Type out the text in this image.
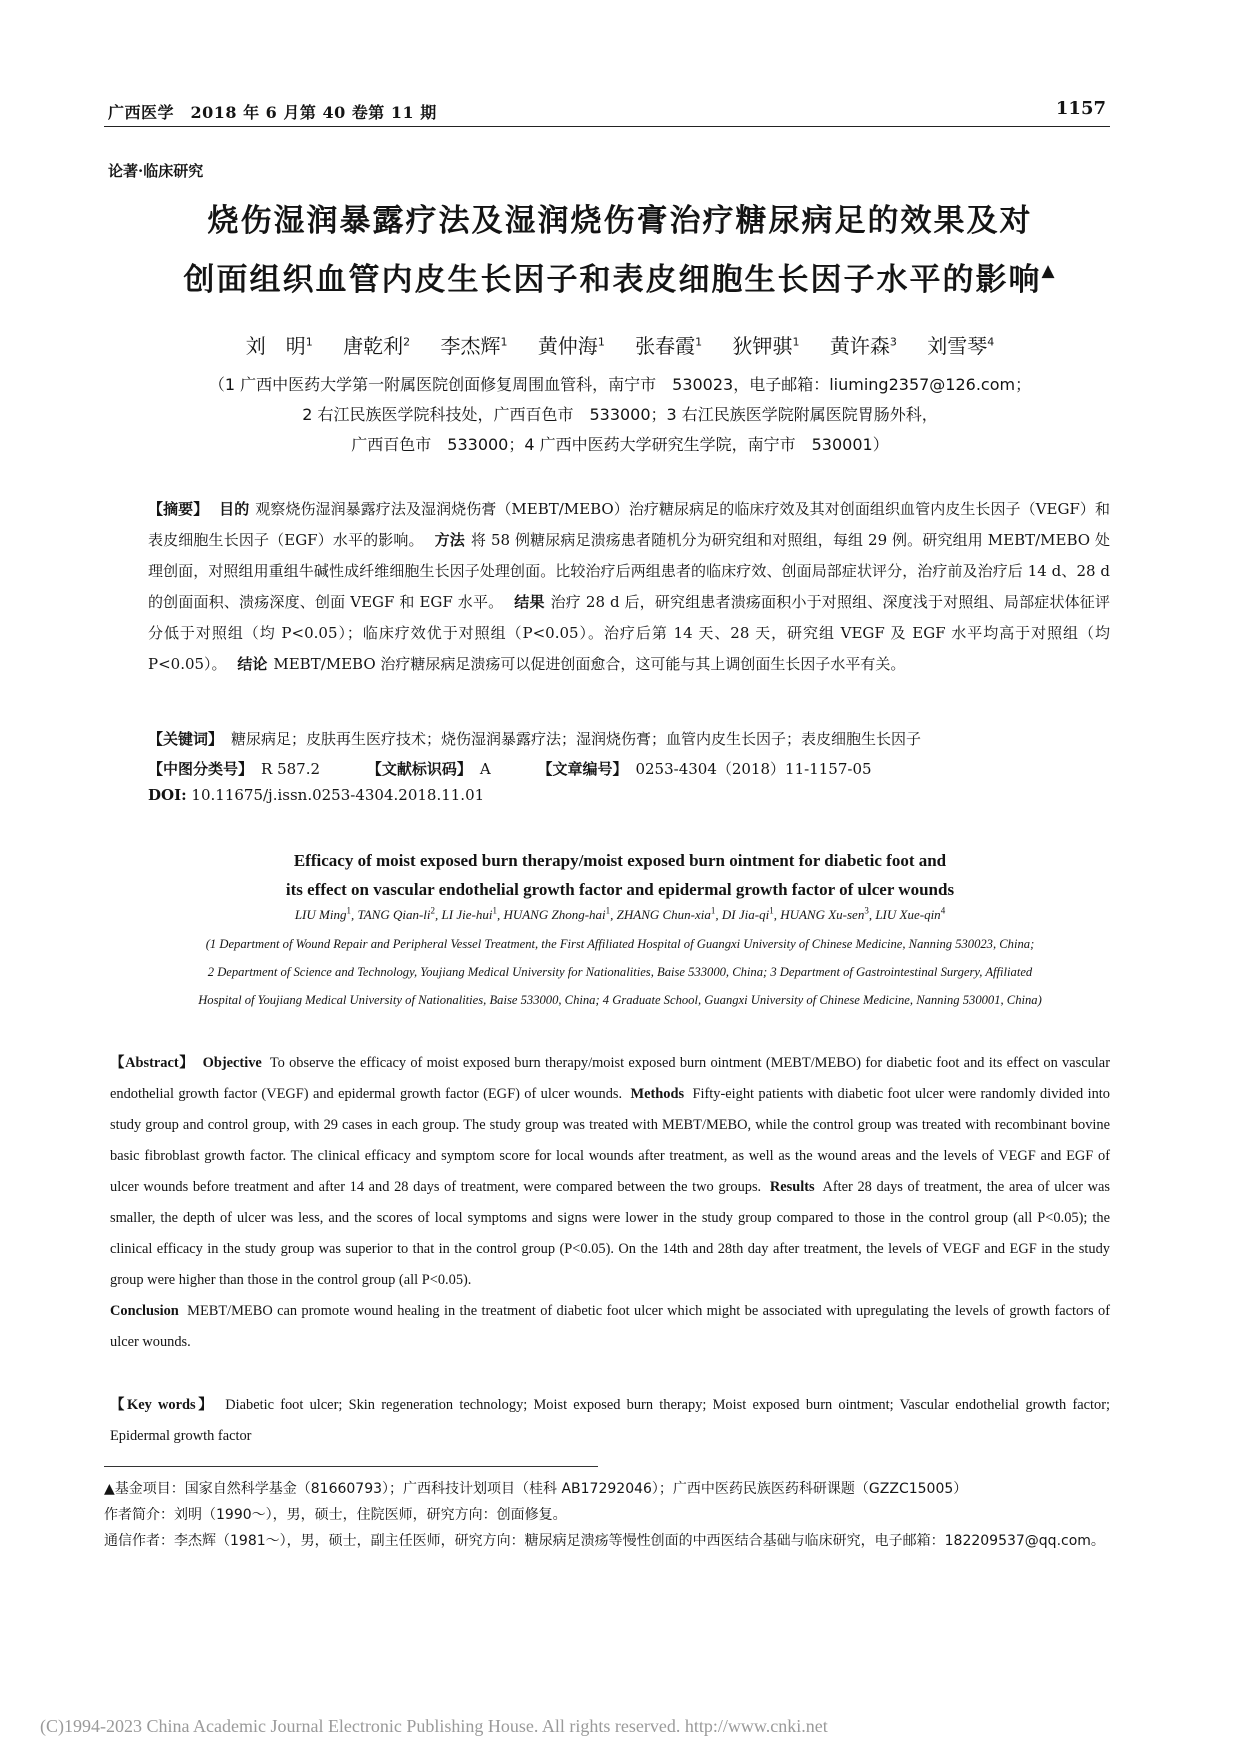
广西医学　2018 年 6 月第 40 卷第 11 期	1157
论著·临床研究
烧伤湿润暴露疗法及湿润烧伤膏治疗糖尿病足的效果及对
创面组织血管内皮生长因子和表皮细胞生长因子水平的影响▲
刘　明$^1$ 唐乾利$^2$ 李杰辉$^1$ 黄仲海$^1$ 张春霞$^1$ 狄钾骐$^1$ 黄许森$^3$ 刘雪琴$^4$
（1 广西中医药大学第一附属医院创面修复周围血管科，南宁市　530023，电子邮箱：liuming2357@126.com；
2 右江民族医学院科技处，广西百色市　533000；3 右江民族医学院附属医院胃肠外科，
广西百色市　533000；4 广西中医药大学研究生学院，南宁市　530001）
【摘要】 目的 观察烧伤湿润暴露疗法及湿润烧伤膏（MEBT/MEBO）治疗糖尿病足的临床疗效及其对创面组织血管内皮生长因子（VEGF）和表皮细胞生长因子（EGF）水平的影响。 方法 将 58 例糖尿病足溃疡患者随机分为研究组和对照组，每组 29 例。研究组用 MEBT/MEBO 处理创面，对照组用重组牛碱性成纤维细胞生长因子处理创面。比较治疗后两组患者的临床疗效、创面局部症状评分，治疗前及治疗后 14 d、28 d 的创面面积、溃疡深度、创面 VEGF 和 EGF 水平。 结果 治疗 28 d 后，研究组患者溃疡面积小于对照组、深度浅于对照组、局部症状体征评分低于对照组（均 P<0.05）；临床疗效优于对照组（P<0.05）。治疗后第 14 天、28 天，研究组 VEGF 及 EGF 水平均高于对照组（均 P<0.05）。 结论 MEBT/MEBO 治疗糖尿病足溃疡可以促进创面愈合，这可能与其上调创面生长因子水平有关。
【关键词】 糖尿病足；皮肤再生医疗技术；烧伤湿润暴露疗法；湿润烧伤膏；血管内皮生长因子；表皮细胞生长因子
【中图分类号】 R 587.2	【文献标识码】 A	【文章编号】 0253-4304（2018）11-1157-05
DOI: 10.11675/j.issn.0253-4304.2018.11.01
Efficacy of moist exposed burn therapy/moist exposed burn ointment for diabetic foot and
its effect on vascular endothelial growth factor and epidermal growth factor of ulcer wounds
LIU Ming$^1$, TANG Qian-$li^2$, LI Jie-hui$^1$, HUANG Zhong-hai$^1$, ZHANG Chun-xia$^1$, DI Jia-$qi^1$, HUANG Xu-sen$^3$, LIU Xue-qin$^4$
(1 Department of Wound Repair and Peripheral Vessel Treatment, the First Affiliated Hospital of Guangxi University of Chinese Medicine, Nanning 530023, China;
2 Department of Science and Technology, Youjiang Medical University for Nationalities, Baise 533000, China; 3 Department of Gastrointestinal Surgery, Affiliated
Hospital of Youjiang Medical University of Nationalities, Baise 533000, China; 4 Graduate School, Guangxi University of Chinese Medicine, Nanning 530001, China)
【Abstract】 Objective To observe the efficacy of moist exposed burn therapy/moist exposed burn ointment (MEBT/MEBO) for diabetic foot and its effect on vascular endothelial growth factor (VEGF) and epidermal growth factor (EGF) of ulcer wounds. Methods Fifty-eight patients with diabetic foot ulcer were randomly divided into study group and control group, with 29 cases in each group. The study group was treated with MEBT/MEBO, while the control group was treated with recombinant bovine basic fibroblast growth factor. The clinical efficacy and symptom score for local wounds after treatment, as well as the wound areas and the levels of VEGF and EGF of ulcer wounds before treatment and after 14 and 28 days of treatment, were compared between the two groups. Results After 28 days of treatment, the area of ulcer was smaller, the depth of ulcer was less, and the scores of local symptoms and signs were lower in the study group compared to those in the control group (all P<0.05); the clinical efficacy in the study group was superior to that in the control group (P<0.05). On the 14th and 28th day after treatment, the levels of VEGF and EGF in the study group were higher than those in the control group (all P<0.05).
Conclusion MEBT/MEBO can promote wound healing in the treatment of diabetic foot ulcer which might be associated with upregulating the levels of growth factors of ulcer wounds.
【Key words】 Diabetic foot ulcer; Skin regeneration technology; Moist exposed burn therapy; Moist exposed burn ointment; Vascular endothelial growth factor; Epidermal growth factor

▲基金项目：国家自然科学基金（81660793）；广西科技计划项目（桂科 AB17292046）；广西中医药民族医药科研课题（GZZC15005）

作者简介：刘明（1990～），男，硕士，住院医师，研究方向：创面修复。

通信作者：李杰辉（1981～），男，硕士，副主任医师，研究方向：糖尿病足溃疡等慢性创面的中西医结合基础与临床研究，电子邮箱：182209537@qq.com。

(C)1994-2023 China Academic Journal Electronic Publishing House. All rights reserved. http://www.cnki.net
